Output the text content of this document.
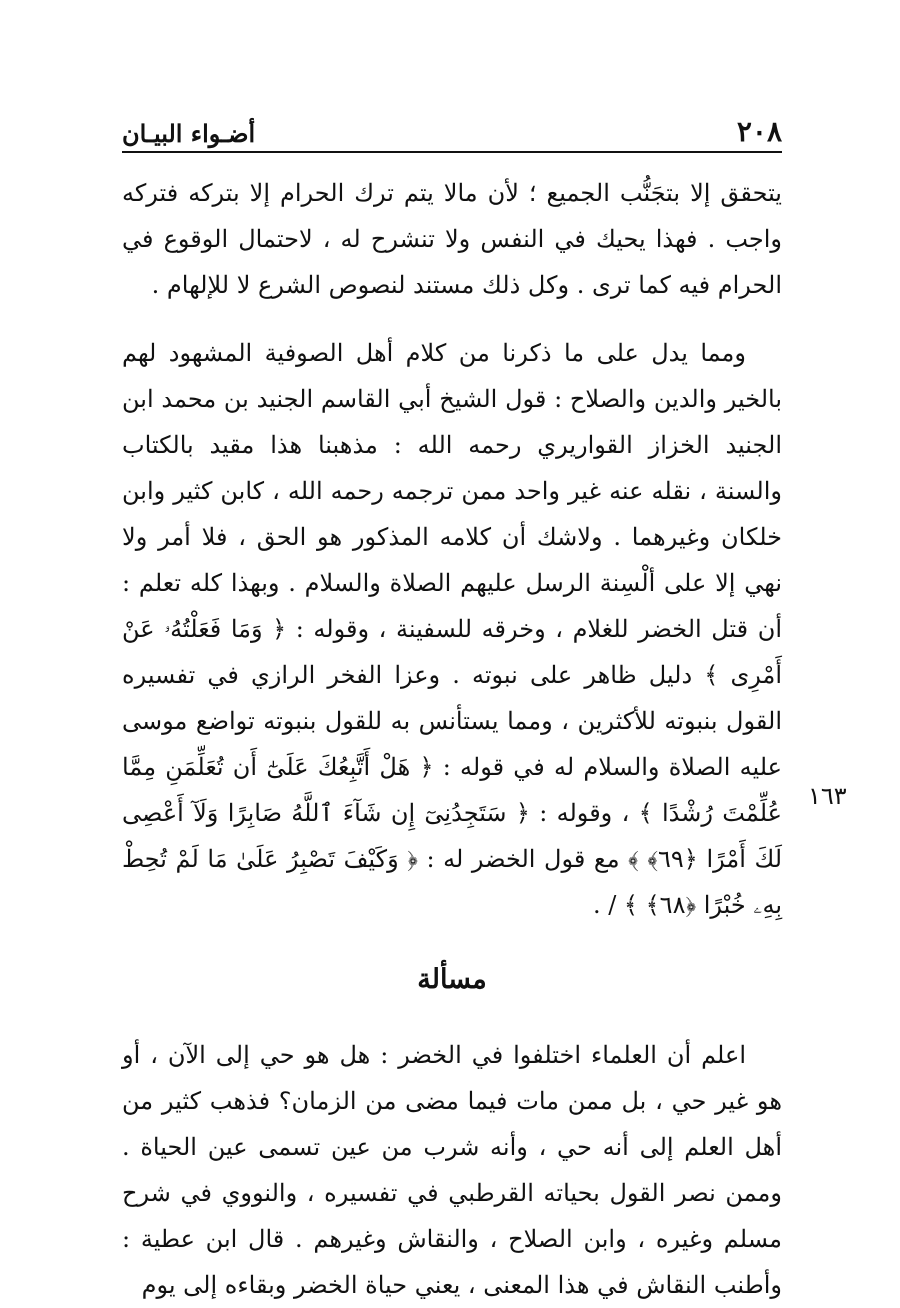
٢٠٨
أضـواء البيـان

يتحقق إلا بتجَنُّب الجميع ؛ لأن مالا يتم ترك الحرام إلا بتركه فتركه واجب . فهذا يحيك في النفس ولا تنشرح له ، لاحتمال الوقوع في الحرام فيه كما ترى . وكل ذلك مستند لنصوص الشرع لا للإلهام .

ومما يدل على ما ذكرنا من كلام أهل الصوفية المشهود لهم بالخير والدين والصلاح : قول الشيخ أبي القاسم الجنيد بن محمد ابن الجنيد الخزاز القواريري رحمه الله : مذهبنا هذا مقيد بالكتاب والسنة ، نقله عنه غير واحد ممن ترجمه رحمه الله ، كابن كثير وابن خلكان وغيرهما . ولاشك أن كلامه المذكور هو الحق ، فلا أمر ولا نهي إلا على ألْسِنة الرسل عليهم الصلاة والسلام . وبهذا كله تعلم : أن قتل الخضر للغلام ، وخرقه للسفينة ، وقوله : ﴿ وَمَا فَعَلْتُهُۥ عَنْ أَمْرِى ﴾ دليل ظاهر على نبوته . وعزا الفخر الرازي في تفسيره القول بنبوته للأكثرين ، ومما يستأنس به للقول بنبوته تواضع موسى عليه الصلاة والسلام له في قوله : ﴿ هَلْ أَتَّبِعُكَ عَلَىٰٓ أَن تُعَلِّمَنِ مِمَّا عُلِّمْتَ رُشْدًا ﴾ ، وقوله : ﴿ سَتَجِدُنِىٓ إِن شَآءَ ٱللَّهُ صَابِرًا وَلَآ أَعْصِى لَكَ أَمْرًا ﴿٦٩﴾ ﴾ مع قول الخضر له : ﴿ وَكَيْفَ تَصْبِرُ عَلَىٰ مَا لَمْ تُحِطْ بِهِۦ خُبْرًا ﴿٦٨﴾ ﴾ / .

مسألة

اعلم أن العلماء اختلفوا في الخضر : هل هو حي إلى الآن ، أو هو غير حي ، بل ممن مات فيما مضى من الزمان؟ فذهب كثير من أهل العلم إلى أنه حي ، وأنه شرب من عين تسمى عين الحياة . وممن نصر القول بحياته القرطبي في تفسيره ، والنووي في شرح مسلم وغيره ، وابن الصلاح ، والنقاش وغيرهم . قال ابن عطية : وأطنب النقاش في هذا المعنى ، يعني حياة الخضر وبقاءه إلى يوم

١٦٣
